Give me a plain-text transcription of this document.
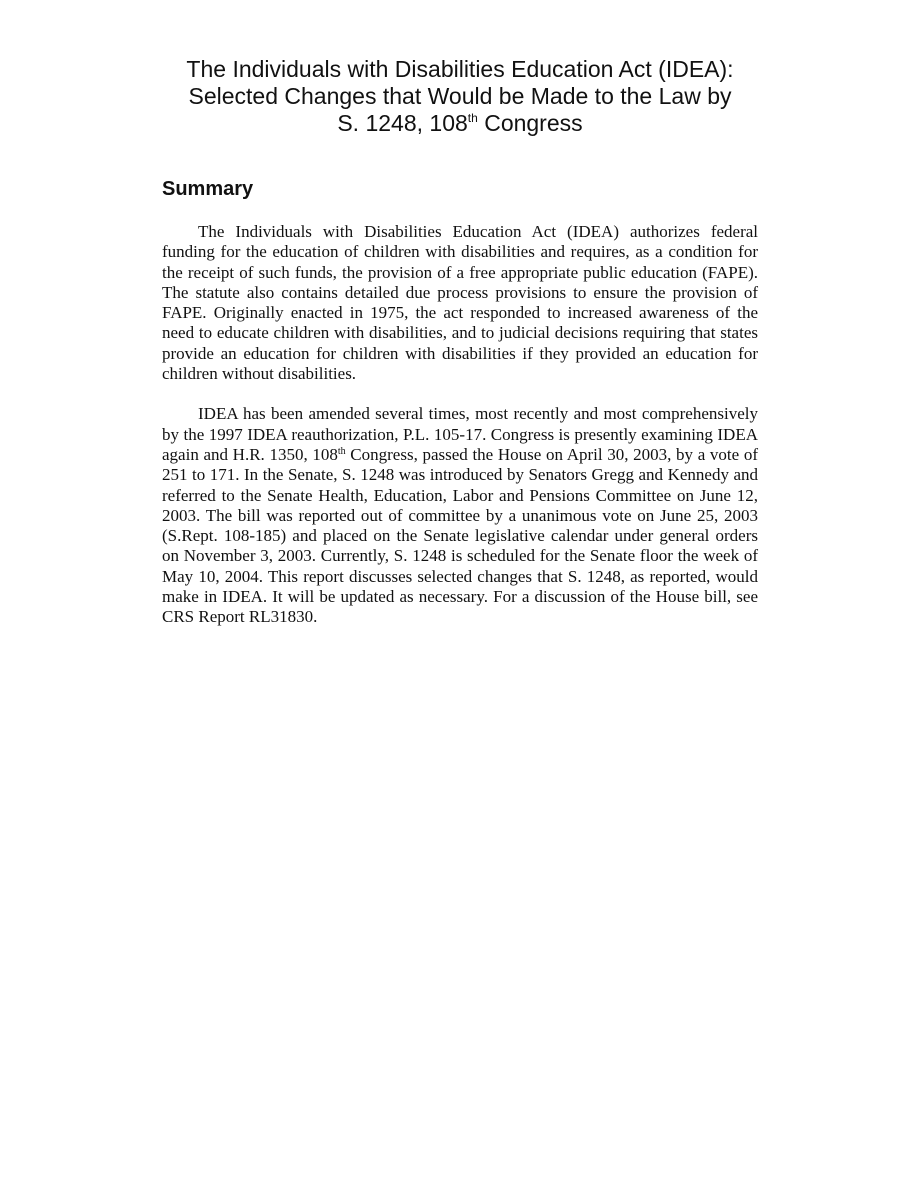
The Individuals with Disabilities Education Act (IDEA):
Selected Changes that Would be Made to the Law by
S. 1248, 108th Congress
Summary

The Individuals with Disabilities Education Act (IDEA) authorizes federal funding for the education of children with disabilities and requires, as a condition for the receipt of such funds, the provision of a free appropriate public education (FAPE). The statute also contains detailed due process provisions to ensure the provision of FAPE. Originally enacted in 1975, the act responded to increased awareness of the need to educate children with disabilities, and to judicial decisions requiring that states provide an education for children with disabilities if they provided an education for children without disabilities.

IDEA has been amended several times, most recently and most comprehensively by the 1997 IDEA reauthorization, P.L. 105-17. Congress is presently examining IDEA again and H.R. 1350, 108th Congress, passed the House on April 30, 2003, by a vote of 251 to 171. In the Senate, S. 1248 was introduced by Senators Gregg and Kennedy and referred to the Senate Health, Education, Labor and Pensions Committee on June 12, 2003. The bill was reported out of committee by a unanimous vote on June 25, 2003 (S.Rept. 108-185) and placed on the Senate legislative calendar under general orders on November 3, 2003. Currently, S. 1248 is scheduled for the Senate floor the week of May 10, 2004. This report discusses selected changes that S. 1248, as reported, would make in IDEA. It will be updated as necessary. For a discussion of the House bill, see CRS Report RL31830.
